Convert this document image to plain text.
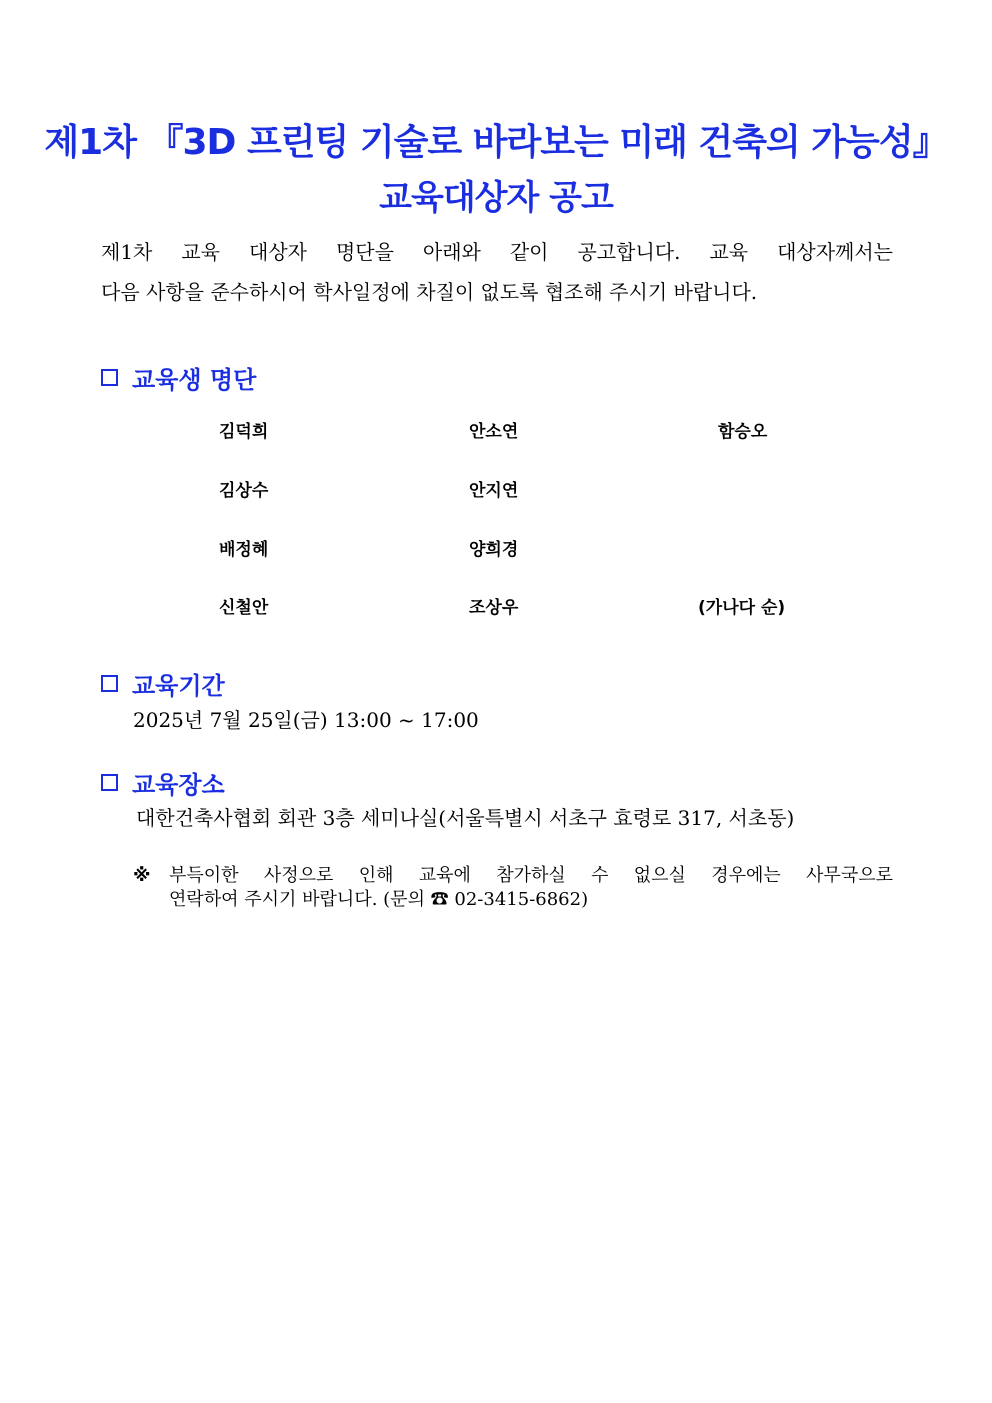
제1차 『3D 프린팅 기술로 바라보는 미래 건축의 가능성』
교육대상자 공고
제1차 교육 대상자 명단을 아래와 같이 공고합니다. 교육 대상자께서는
다음 사항을 준수하시어 학사일정에 차질이 없도록 협조해 주시기 바랍니다.
교육생 명단
김덕희	안소연	함승오
김상수	안지연
배정혜	양희경
신철안	조상우	(가나다 순)
교육기간
2025년 7월 25일(금) 13:00 ~ 17:00
교육장소
대한건축사협회 회관 3층 세미나실(서울특별시 서초구 효령로 317, 서초동)
※ 부득이한 사정으로 인해 교육에 참가하실 수 없으실 경우에는 사무국으로
연락하여 주시기 바랍니다. (문의 ☎ 02-3415-6862)
